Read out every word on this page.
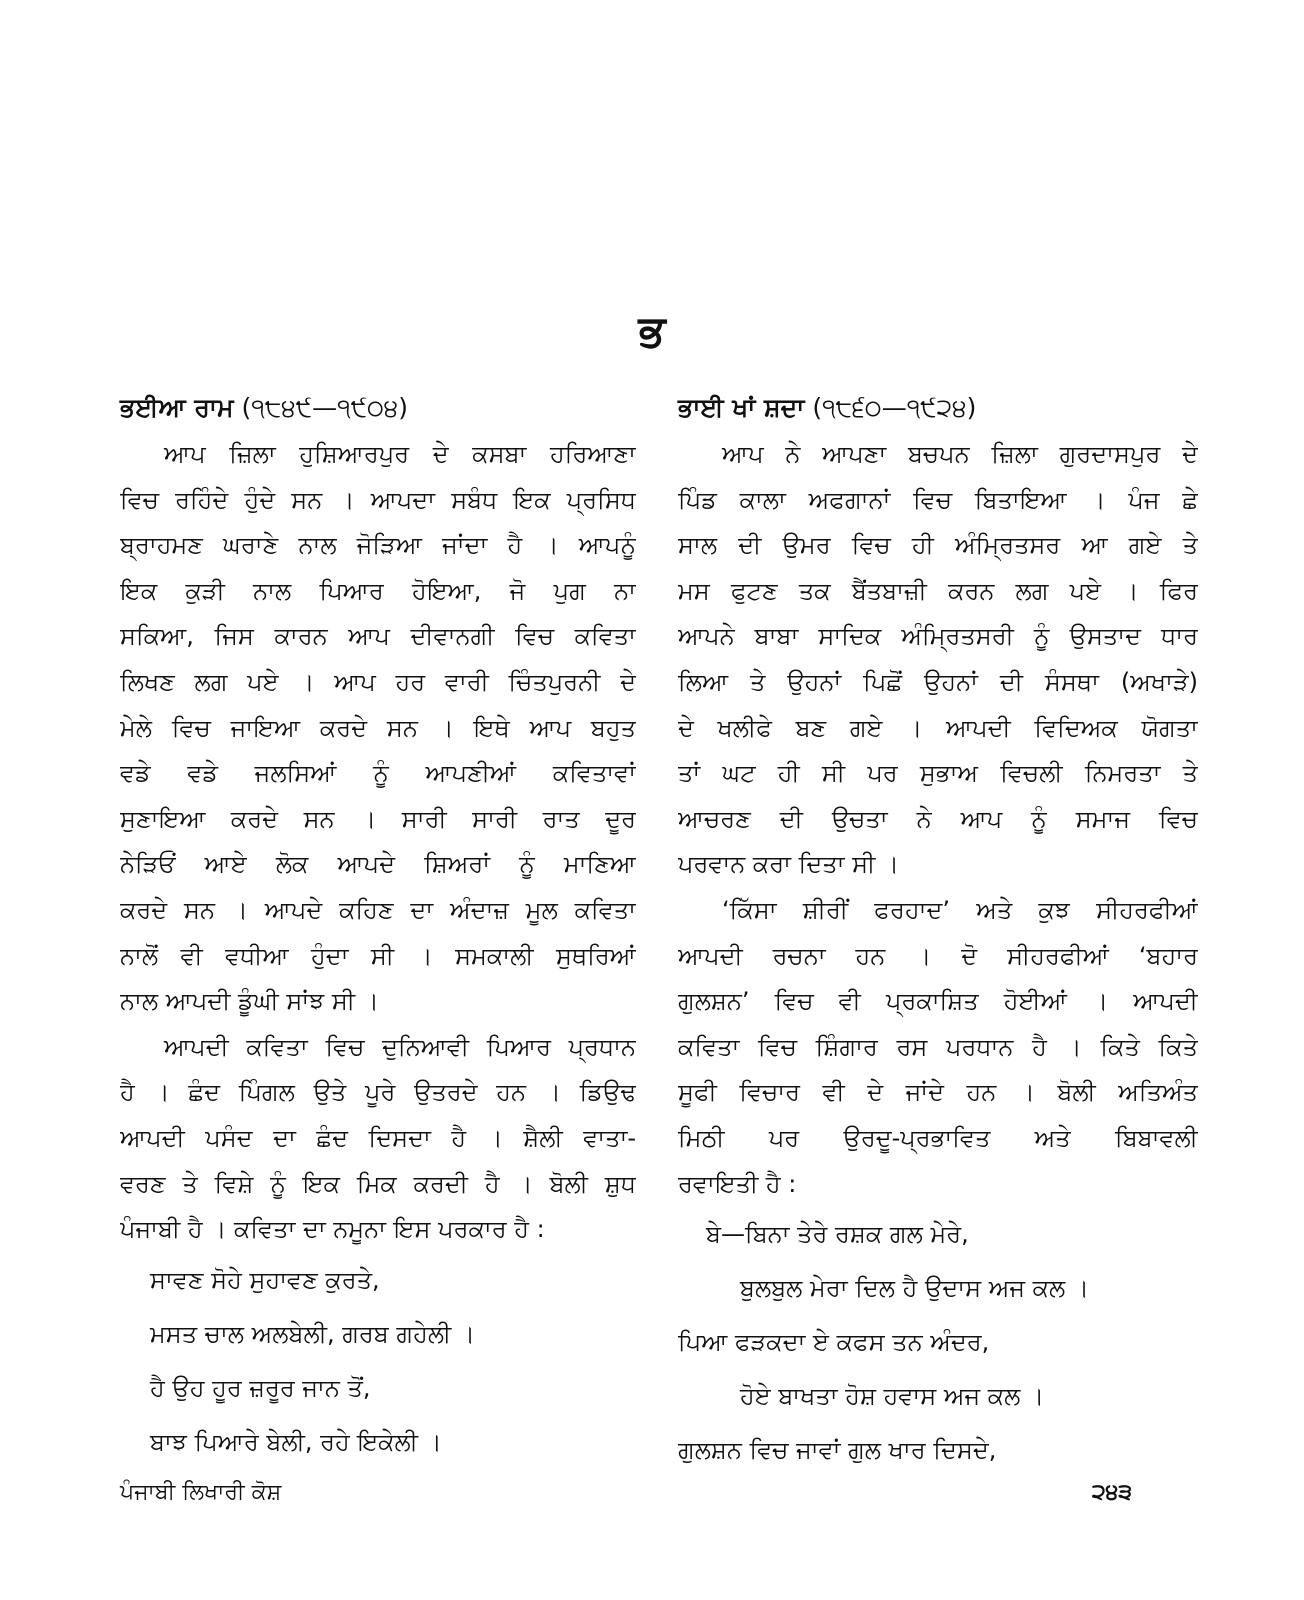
ਭ
ਭਈਆ ਰਾਮ (੧੮੪੯—੧੯੦੪)
ਆਪ ਜ਼ਿਲਾ ਹੁਸ਼ਿਆਰਪੁਰ ਦੇ ਕਸਬਾ ਹਰਿਆਣਾ
ਵਿਚ ਰਹਿੰਦੇ ਹੁੰਦੇ ਸਨ । ਆਪਦਾ ਸਬੰਧ ਇਕ ਪ੍ਰਸਿਧ
ਬ੍ਰਾਹਮਣ ਘਰਾਣੇ ਨਾਲ ਜੋੜਿਆ ਜਾਂਦਾ ਹੈ । ਆਪਨੂੰ
ਇਕ ਕੁੜੀ ਨਾਲ ਪਿਆਰ ਹੋਇਆ, ਜੋ ਪੁਗ ਨਾ
ਸਕਿਆ, ਜਿਸ ਕਾਰਨ ਆਪ ਦੀਵਾਨਗੀ ਵਿਚ ਕਵਿਤਾ
ਲਿਖਣ ਲਗ ਪਏ । ਆਪ ਹਰ ਵਾਰੀ ਚਿੰਤਪੁਰਨੀ ਦੇ
ਮੇਲੇ ਵਿਚ ਜਾਇਆ ਕਰਦੇ ਸਨ । ਇਥੇ ਆਪ ਬਹੁਤ
ਵਡੇ ਵਡੇ ਜਲਸਿਆਂ ਨੂੰ ਆਪਣੀਆਂ ਕਵਿਤਾਵਾਂ
ਸੁਣਾਇਆ ਕਰਦੇ ਸਨ । ਸਾਰੀ ਸਾਰੀ ਰਾਤ ਦੂਰ
ਨੇੜਿਓਂ ਆਏ ਲੋਕ ਆਪਦੇ ਸ਼ਿਅਰਾਂ ਨੂੰ ਮਾਣਿਆ
ਕਰਦੇ ਸਨ । ਆਪਦੇ ਕਹਿਣ ਦਾ ਅੰਦਾਜ਼ ਮੂਲ ਕਵਿਤਾ
ਨਾਲੋਂ ਵੀ ਵਧੀਆ ਹੁੰਦਾ ਸੀ । ਸਮਕਾਲੀ ਸੁਥਰਿਆਂ
ਨਾਲ ਆਪਦੀ ਡੂੰਘੀ ਸਾਂਝ ਸੀ ।
ਆਪਦੀ ਕਵਿਤਾ ਵਿਚ ਦੁਨਿਆਵੀ ਪਿਆਰ ਪ੍ਰਧਾਨ
ਹੈ । ਛੰਦ ਪਿੰਗਲ ਉਤੇ ਪੂਰੇ ਉਤਰਦੇ ਹਨ । ਡਿਉਢ
ਆਪਦੀ ਪਸੰਦ ਦਾ ਛੰਦ ਦਿਸਦਾ ਹੈ । ਸ਼ੈਲੀ ਵਾਤਾ-
ਵਰਣ ਤੇ ਵਿਸ਼ੇ ਨੂੰ ਇਕ ਮਿਕ ਕਰਦੀ ਹੈ । ਬੋਲੀ ਸ਼ੁਧ
ਪੰਜਾਬੀ ਹੈ । ਕਵਿਤਾ ਦਾ ਨਮੂਨਾ ਇਸ ਪਰਕਾਰ ਹੈ :
ਸਾਵਣ ਸੋਹੇ ਸੁਹਾਵਣ ਕੁਰਤੇ,
ਮਸਤ ਚਾਲ ਅਲਬੇਲੀ, ਗਰਬ ਗਹੇਲੀ ।
ਹੈ ਉਹ ਹੂਰ ਜ਼ਰੂਰ ਜਾਨ ਤੋਂ,
ਬਾਝ ਪਿਆਰੇ ਬੇਲੀ, ਰਹੇ ਇਕੇਲੀ ।
ਭਾਈ ਖਾਂ ਸ਼ਦਾ (੧੮੬੦—੧੯੨੪)
ਆਪ ਨੇ ਆਪਣਾ ਬਚਪਨ ਜ਼ਿਲਾ ਗੁਰਦਾਸਪੁਰ ਦੇ
ਪਿੰਡ ਕਾਲਾ ਅਫਗਾਨਾਂ ਵਿਚ ਬਿਤਾਇਆ । ਪੰਜ ਛੇ
ਸਾਲ ਦੀ ਉਮਰ ਵਿਚ ਹੀ ਅੰਮ੍ਰਿਤਸਰ ਆ ਗਏ ਤੇ
ਮਸ ਫੁਟਣ ਤਕ ਬੈਂਤਬਾਜ਼ੀ ਕਰਨ ਲਗ ਪਏ । ਫਿਰ
ਆਪਨੇ ਬਾਬਾ ਸਾਦਿਕ ਅੰਮ੍ਰਿਤਸਰੀ ਨੂੰ ਉਸਤਾਦ ਧਾਰ
ਲਿਆ ਤੇ ਉਹਨਾਂ ਪਿਛੋਂ ਉਹਨਾਂ ਦੀ ਸੰਸਥਾ (ਅਖਾੜੇ)
ਦੇ ਖਲੀਫੇ ਬਣ ਗਏ । ਆਪਦੀ ਵਿਦਿਅਕ ਯੋਗਤਾ
ਤਾਂ ਘਟ ਹੀ ਸੀ ਪਰ ਸੁਭਾਅ ਵਿਚਲੀ ਨਿਮਰਤਾ ਤੇ
ਆਚਰਣ ਦੀ ਉਚਤਾ ਨੇ ਆਪ ਨੂੰ ਸਮਾਜ ਵਿਚ
ਪਰਵਾਨ ਕਰਾ ਦਿਤਾ ਸੀ ।
‘ਕਿੱਸਾ ਸ਼ੀਰੀਂ ਫਰਹਾਦ’ ਅਤੇ ਕੁਝ ਸੀਹਰਫੀਆਂ
ਆਪਦੀ ਰਚਨਾ ਹਨ । ਦੋ ਸੀਹਰਫੀਆਂ ‘ਬਹਾਰ
ਗੁਲਸ਼ਨ’ ਵਿਚ ਵੀ ਪ੍ਰਕਾਸ਼ਿਤ ਹੋਈਆਂ । ਆਪਦੀ
ਕਵਿਤਾ ਵਿਚ ਸ਼ਿੰਗਾਰ ਰਸ ਪਰਧਾਨ ਹੈ । ਕਿਤੇ ਕਿਤੇ
ਸੂਫੀ ਵਿਚਾਰ ਵੀ ਦੇ ਜਾਂਦੇ ਹਨ । ਬੋਲੀ ਅਤਿਅੰਤ
ਮਿਠੀ ਪਰ ਉਰਦੂ-ਪ੍ਰਭਾਵਿਤ ਅਤੇ ਬਿਬਾਵਲੀ
ਰਵਾਇਤੀ ਹੈ :
ਬੇ—ਬਿਨਾ ਤੇਰੇ ਰਸ਼ਕ ਗਲ ਮੇਰੇ,
ਬੁਲਬੁਲ ਮੇਰਾ ਦਿਲ ਹੈ ਉਦਾਸ ਅਜ ਕਲ ।
ਪਿਆ ਫੜਕਦਾ ਏ ਕਫਸ ਤਨ ਅੰਦਰ,
ਹੋਏ ਬਾਖਤਾ ਹੋਸ਼ ਹਵਾਸ ਅਜ ਕਲ ।
ਗੁਲਸ਼ਨ ਵਿਚ ਜਾਵਾਂ ਗੁਲ ਖਾਰ ਦਿਸਦੇ,
ਪੰਜਾਬੀ ਲਿਖਾਰੀ ਕੋਸ਼	੨੪੩
